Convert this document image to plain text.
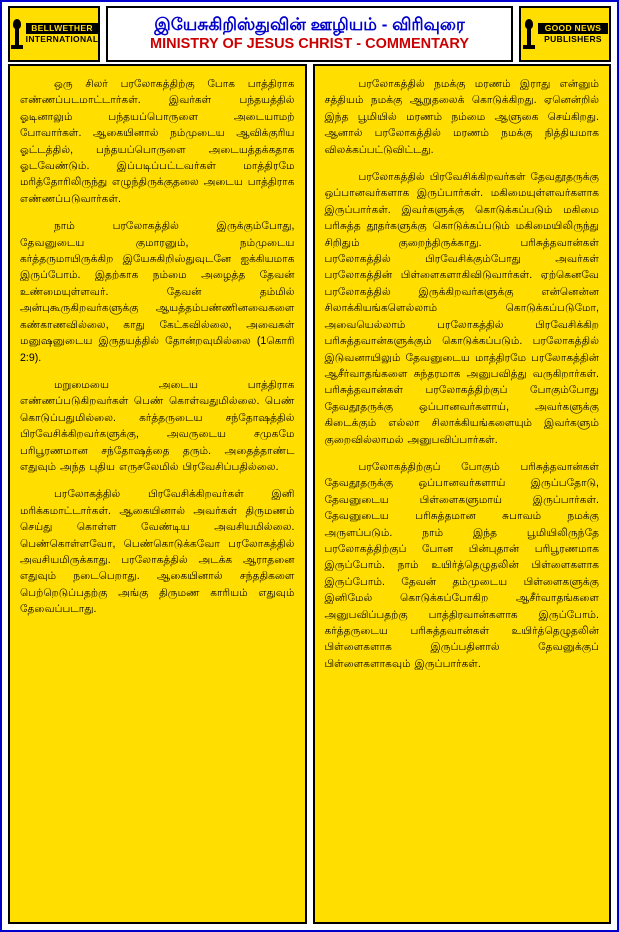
BELLWETHER
INTERNATIONAL
இயேசுகிறிஸ்துவின் ஊழியம் - விரிவுரை
MINISTRY OF JESUS CHRIST - COMMENTARY
GOOD NEWS
PUBLISHERS

ஒரு சிலர் பரலோகத்திற்கு போக பாத்திராக எண்ணப்படமாட்டார்கள். இவர்கள் பந்தயத்தில் ஓடினாலும் பந்தயப்பொருளை அடையாமற் போவார்கள். ஆகையினால் நம்முடைய ஆவிக்குரிய ஓட்டத்தில், பந்தயப்பொருளை அடையத்தக்கதாக ஓடவேண்டும். இப்படிப்பட்டவர்கள் மாத்திரமே மரித்தோரிலிருந்து எழுந்திருக்குதலை அடைய பாத்திராக எண்ணப்படுவார்கள்.

நாம் பரலோகத்தில் இருக்கும்போது, தேவனுடைய குமாரனும், நம்முடைய கர்த்தருமாயிருக்கிற இயேசுகிறிஸ்துவுடனே ஐக்கியமாக இருப்போம். இதற்காக நம்மை அழைத்த தேவன் உண்மையுள்ளவர். தேவன் தம்மில் அன்புகூருகிறவர்களுக்கு ஆயத்தம்பண்ணினவைகளை கண்காணவில்லை, காது கேட்கவில்லை, அவைகள் மனுஷனுடைய இருதயத்தில் தோன்றவுமில்லை (1கொரி 2:9).

மறுமையை அடைய பாத்திராக எண்ணப்படுகிறவர்கள் பெண் கொள்வதுமில்லை. பெண் கொடுப்பதுமில்லை. கர்த்தருடைய சந்தோஷத்தில் பிரவேசிக்கிறவர்களுக்கு, அவருடைய சமுகமே பரிபூரணமான சந்தோஷத்தை தரும். அதைத்தாண்ட எதுவும் அந்த புதிய எருசலேமில் பிரவேசிப்பதில்லை.

பரலோகத்தில் பிரவேசிக்கிறவர்கள் இனி மரிக்கமாட்டார்கள். ஆகையினால் அவர்கள் திருமணம் செய்து கொள்ள வேண்டிய அவசியமில்லை. பெண்கொள்ளவோ, பெண்கொடுக்கவோ பரலோகத்தில் அவசியமிருக்காது. பரலோகத்தில் அடக்க ஆராதனை எதுவும் நடைபெறாது. ஆகையினால் சந்ததிகளை பெற்றெடுப்பதற்கு அங்கு திருமண காரியம் எதுவும் தேவைப்படாது.

பரலோகத்தில் நமக்கு மரணம் இராது என்னும் சத்தியம் நமக்கு ஆறுதலைக் கொடுக்கிறது. ஏனென்றில் இந்த பூமியில் மரணம் நம்மை ஆளுகை செய்கிறது. ஆனால் பரலோகத்தில் மரணம் நமக்கு நித்தியமாக விலக்கப்பட்டுவிட்டது.

பரலோகத்தில் பிரவேசிக்கிறவர்கள் தேவதூதருக்கு ஒப்பானவர்களாக இருப்பார்கள். மகிமையுள்ளவர்களாக இருப்பார்கள். இவர்களுக்கு கொடுக்கப்படும் மகிமை பரிசுத்த தூதர்களுக்கு கொடுக்கப்படும் மகிமையிலிருந்து சிறிதும் குறைந்திருக்காது. பரிசுத்தவான்கள் பரலோகத்தில் பிரவேசிக்கும்போது அவர்கள் பரலோகத்தின் பிள்ளைகளாகிவிடுவார்கள். ஏற்கெனவே பரலோகத்தில் இருக்கிறவர்களுக்கு என்னென்ன சிலாக்கியங்களெல்லாம் கொடுக்கப்படுமோ, அவையெல்லாம் பரலோகத்தில் பிரவேசிக்கிற பரிசுத்தவான்களுக்கும் கொடுக்கப்படும். பரலோகத்தில் இடுவனாயிலும் தேவனுடைய மாத்திரமே பரலோகத்தின் ஆசீர்வாதங்களை சுந்தரமாக அனுபவித்து வருகிறார்கள். பரிசுத்தவான்கள் பரலோகத்திற்குப் போகும்போது தேவதூதருக்கு ஒப்பானவர்களாய், அவர்களுக்கு கிடைக்கும் எல்லா சிலாக்கியங்களையும் இவர்களும் குறைவில்லாமல் அனுபவிப்பார்கள்.

பரலோகத்திற்குப் போகும் பரிசுத்தவான்கள் தேவதூதருக்கு ஒப்பானவர்களாய் இருப்பதோடு, தேவனுடைய பிள்ளைகளுமாய் இருப்பார்கள். தேவனுடைய பரிசுத்தமான சுபாவம் நமக்கு அருளப்படும். நாம் இந்த பூமியிலிருந்தே பரலோகத்திற்குப் போன பின்புதான் பரிபூரணமாக இருப்போம். நாம் உயிர்த்தெழுதலின் பிள்ளைகளாக இருப்போம். தேவன் தம்முடைய பிள்ளைகளுக்கு இனிமேல் கொடுக்கப்போகிற ஆசீர்வாதங்களை அனுபவிப்பதற்கு பாத்திரவான்களாக இருப்போம். கர்த்தருடைய பரிசுத்தவான்கள் உயிர்த்தெழுதலின் பிள்ளைகளாக இருப்பதினால் தேவனுக்குப் பிள்ளைகளாகவும் இருப்பார்கள்.
